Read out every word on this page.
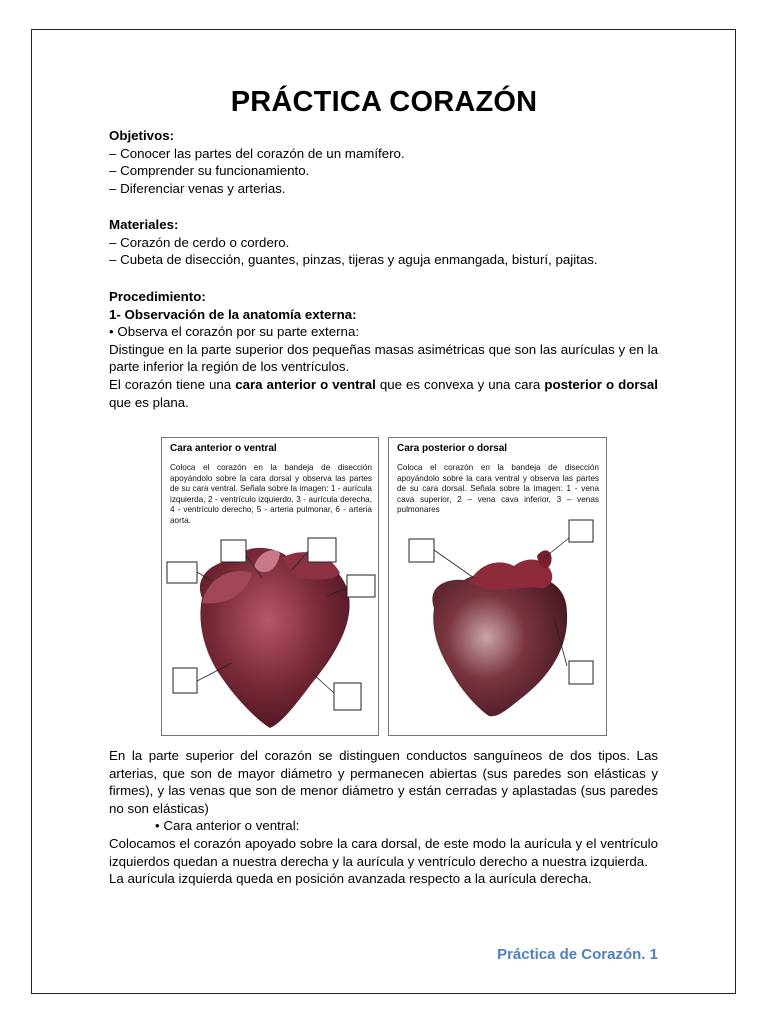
PRÁCTICA CORAZÓN

Objetivos:

– Conocer las partes del corazón de un mamífero.

– Comprender su funcionamiento.

– Diferenciar venas y arterias.

Materiales:

– Corazón de cerdo o cordero.

– Cubeta de disección, guantes, pinzas, tijeras y aguja enmangada, bisturí, pajitas.

Procedimiento:

1- Observación de la anatomía externa:

• Observa el corazón por su parte externa:

Distingue en la parte superior dos pequeñas masas asimétricas que son las aurículas y en la parte inferior la región de los ventrículos.

El corazón tiene una cara anterior o ventral que es convexa y una cara posterior o dorsal que es plana.

Cara anterior o ventral
Coloca el corazón en la bandeja de disección apoyándolo sobre la cara dorsal y observa las partes de su cara ventral. Señala sobre la imagen: 1 - aurícula izquierda, 2 - ventrículo izquierdo, 3 - aurícula derecha, 4 - ventrículo derecho, 5 - arteria pulmonar, 6 - arteria aorta.
Cara posterior o dorsal
Coloca el corazón en la bandeja de disección apoyándolo sobre la cara ventral y observa las partes de su cara dorsal. Señala sobre la imagen: 1 - vena cava superior, 2 – vena cava inferior, 3 – venas pulmonares

En la parte superior del corazón se distinguen conductos sanguíneos de dos tipos. Las arterias, que son de mayor diámetro y permanecen abiertas (sus paredes son elásticas y firmes), y las venas que son de menor diámetro y están cerradas y aplastadas (sus paredes no son elásticas)

• Cara anterior o ventral:

Colocamos el corazón apoyado sobre la cara dorsal, de este modo la aurícula y el ventrículo izquierdos quedan a nuestra derecha y la aurícula y ventrículo derecho a nuestra izquierda.

La aurícula izquierda queda en posición avanzada respecto a la aurícula derecha.

Práctica de Corazón. 1
